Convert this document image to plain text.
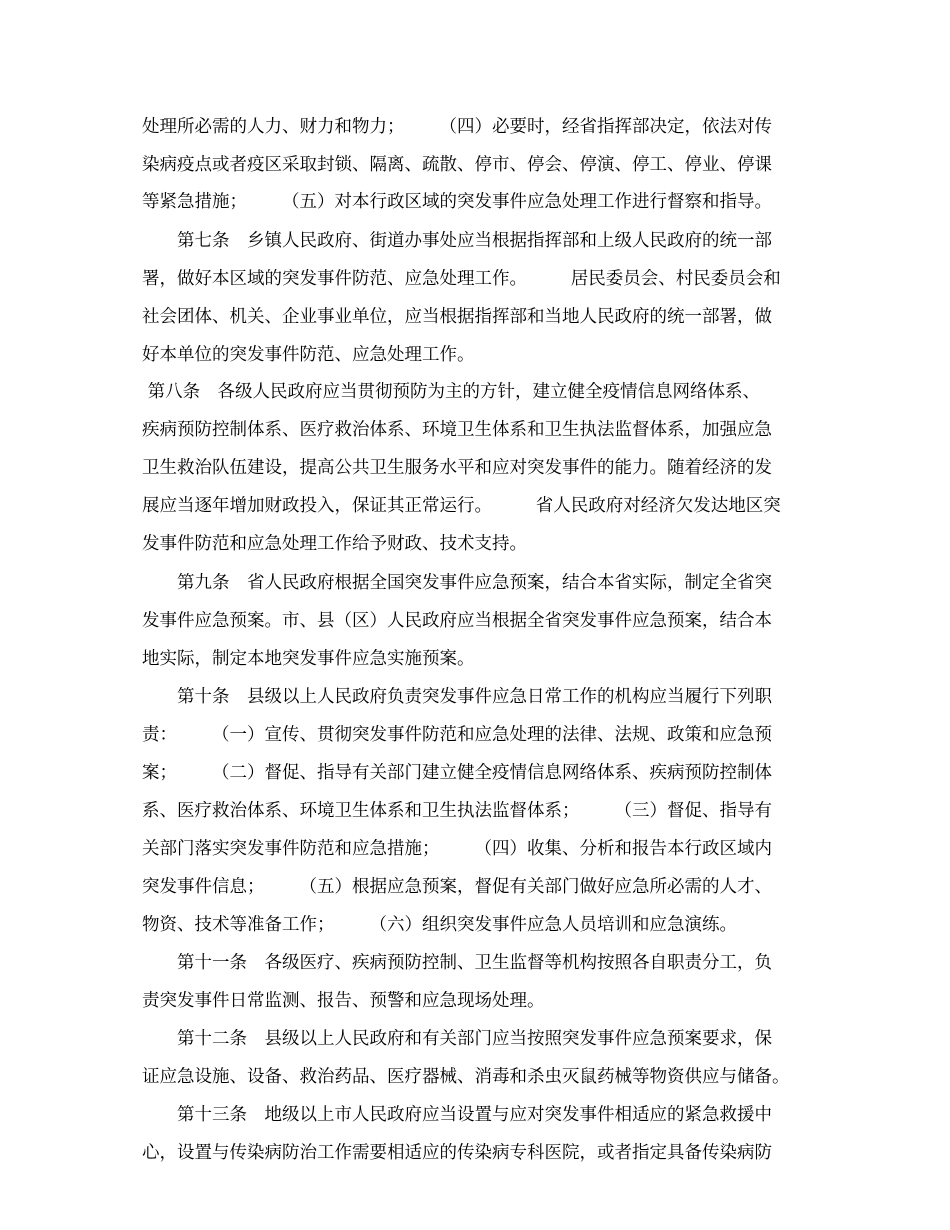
处理所必需的人力、财力和物力；　　　（四）必要时，经省指挥部决定，依法对传
染病疫点或者疫区采取封锁、隔离、疏散、停市、停会、停演、停工、停业、停课
等紧急措施；　　　（五）对本行政区域的突发事件应急处理工作进行督察和指导。
　　第七条　乡镇人民政府、街道办事处应当根据指挥部和上级人民政府的统一部
署，做好本区域的突发事件防范、应急处理工作。　　　居民委员会、村民委员会和
社会团体、机关、企业事业单位，应当根据指挥部和当地人民政府的统一部署，做
好本单位的突发事件防范、应急处理工作。
第八条　各级人民政府应当贯彻预防为主的方针，建立健全疫情信息网络体系、
疾病预防控制体系、医疗救治体系、环境卫生体系和卫生执法监督体系，加强应急
卫生救治队伍建设，提高公共卫生服务水平和应对突发事件的能力。随着经济的发
展应当逐年增加财政投入，保证其正常运行。　　　省人民政府对经济欠发达地区突
发事件防范和应急处理工作给予财政、技术支持。
　　第九条　省人民政府根据全国突发事件应急预案，结合本省实际，制定全省突
发事件应急预案。市、县（区）人民政府应当根据全省突发事件应急预案，结合本
地实际，制定本地突发事件应急实施预案。
　　第十条　县级以上人民政府负责突发事件应急日常工作的机构应当履行下列职
责：　　　（一）宣传、贯彻突发事件防范和应急处理的法律、法规、政策和应急预
案；　　　（二）督促、指导有关部门建立健全疫情信息网络体系、疾病预防控制体
系、医疗救治体系、环境卫生体系和卫生执法监督体系；　　　（三）督促、指导有
关部门落实突发事件防范和应急措施；　　　（四）收集、分析和报告本行政区域内
突发事件信息；　　　（五）根据应急预案，督促有关部门做好应急所必需的人才、
物资、技术等准备工作；　　　（六）组织突发事件应急人员培训和应急演练。
　　第十一条　各级医疗、疾病预防控制、卫生监督等机构按照各自职责分工，负
责突发事件日常监测、报告、预警和应急现场处理。
　　第十二条　县级以上人民政府和有关部门应当按照突发事件应急预案要求，保
证应急设施、设备、救治药品、医疗器械、消毒和杀虫灭鼠药械等物资供应与储备。
　　第十三条　地级以上市人民政府应当设置与应对突发事件相适应的紧急救援中
心，设置与传染病防治工作需要相适应的传染病专科医院，或者指定具备传染病防
